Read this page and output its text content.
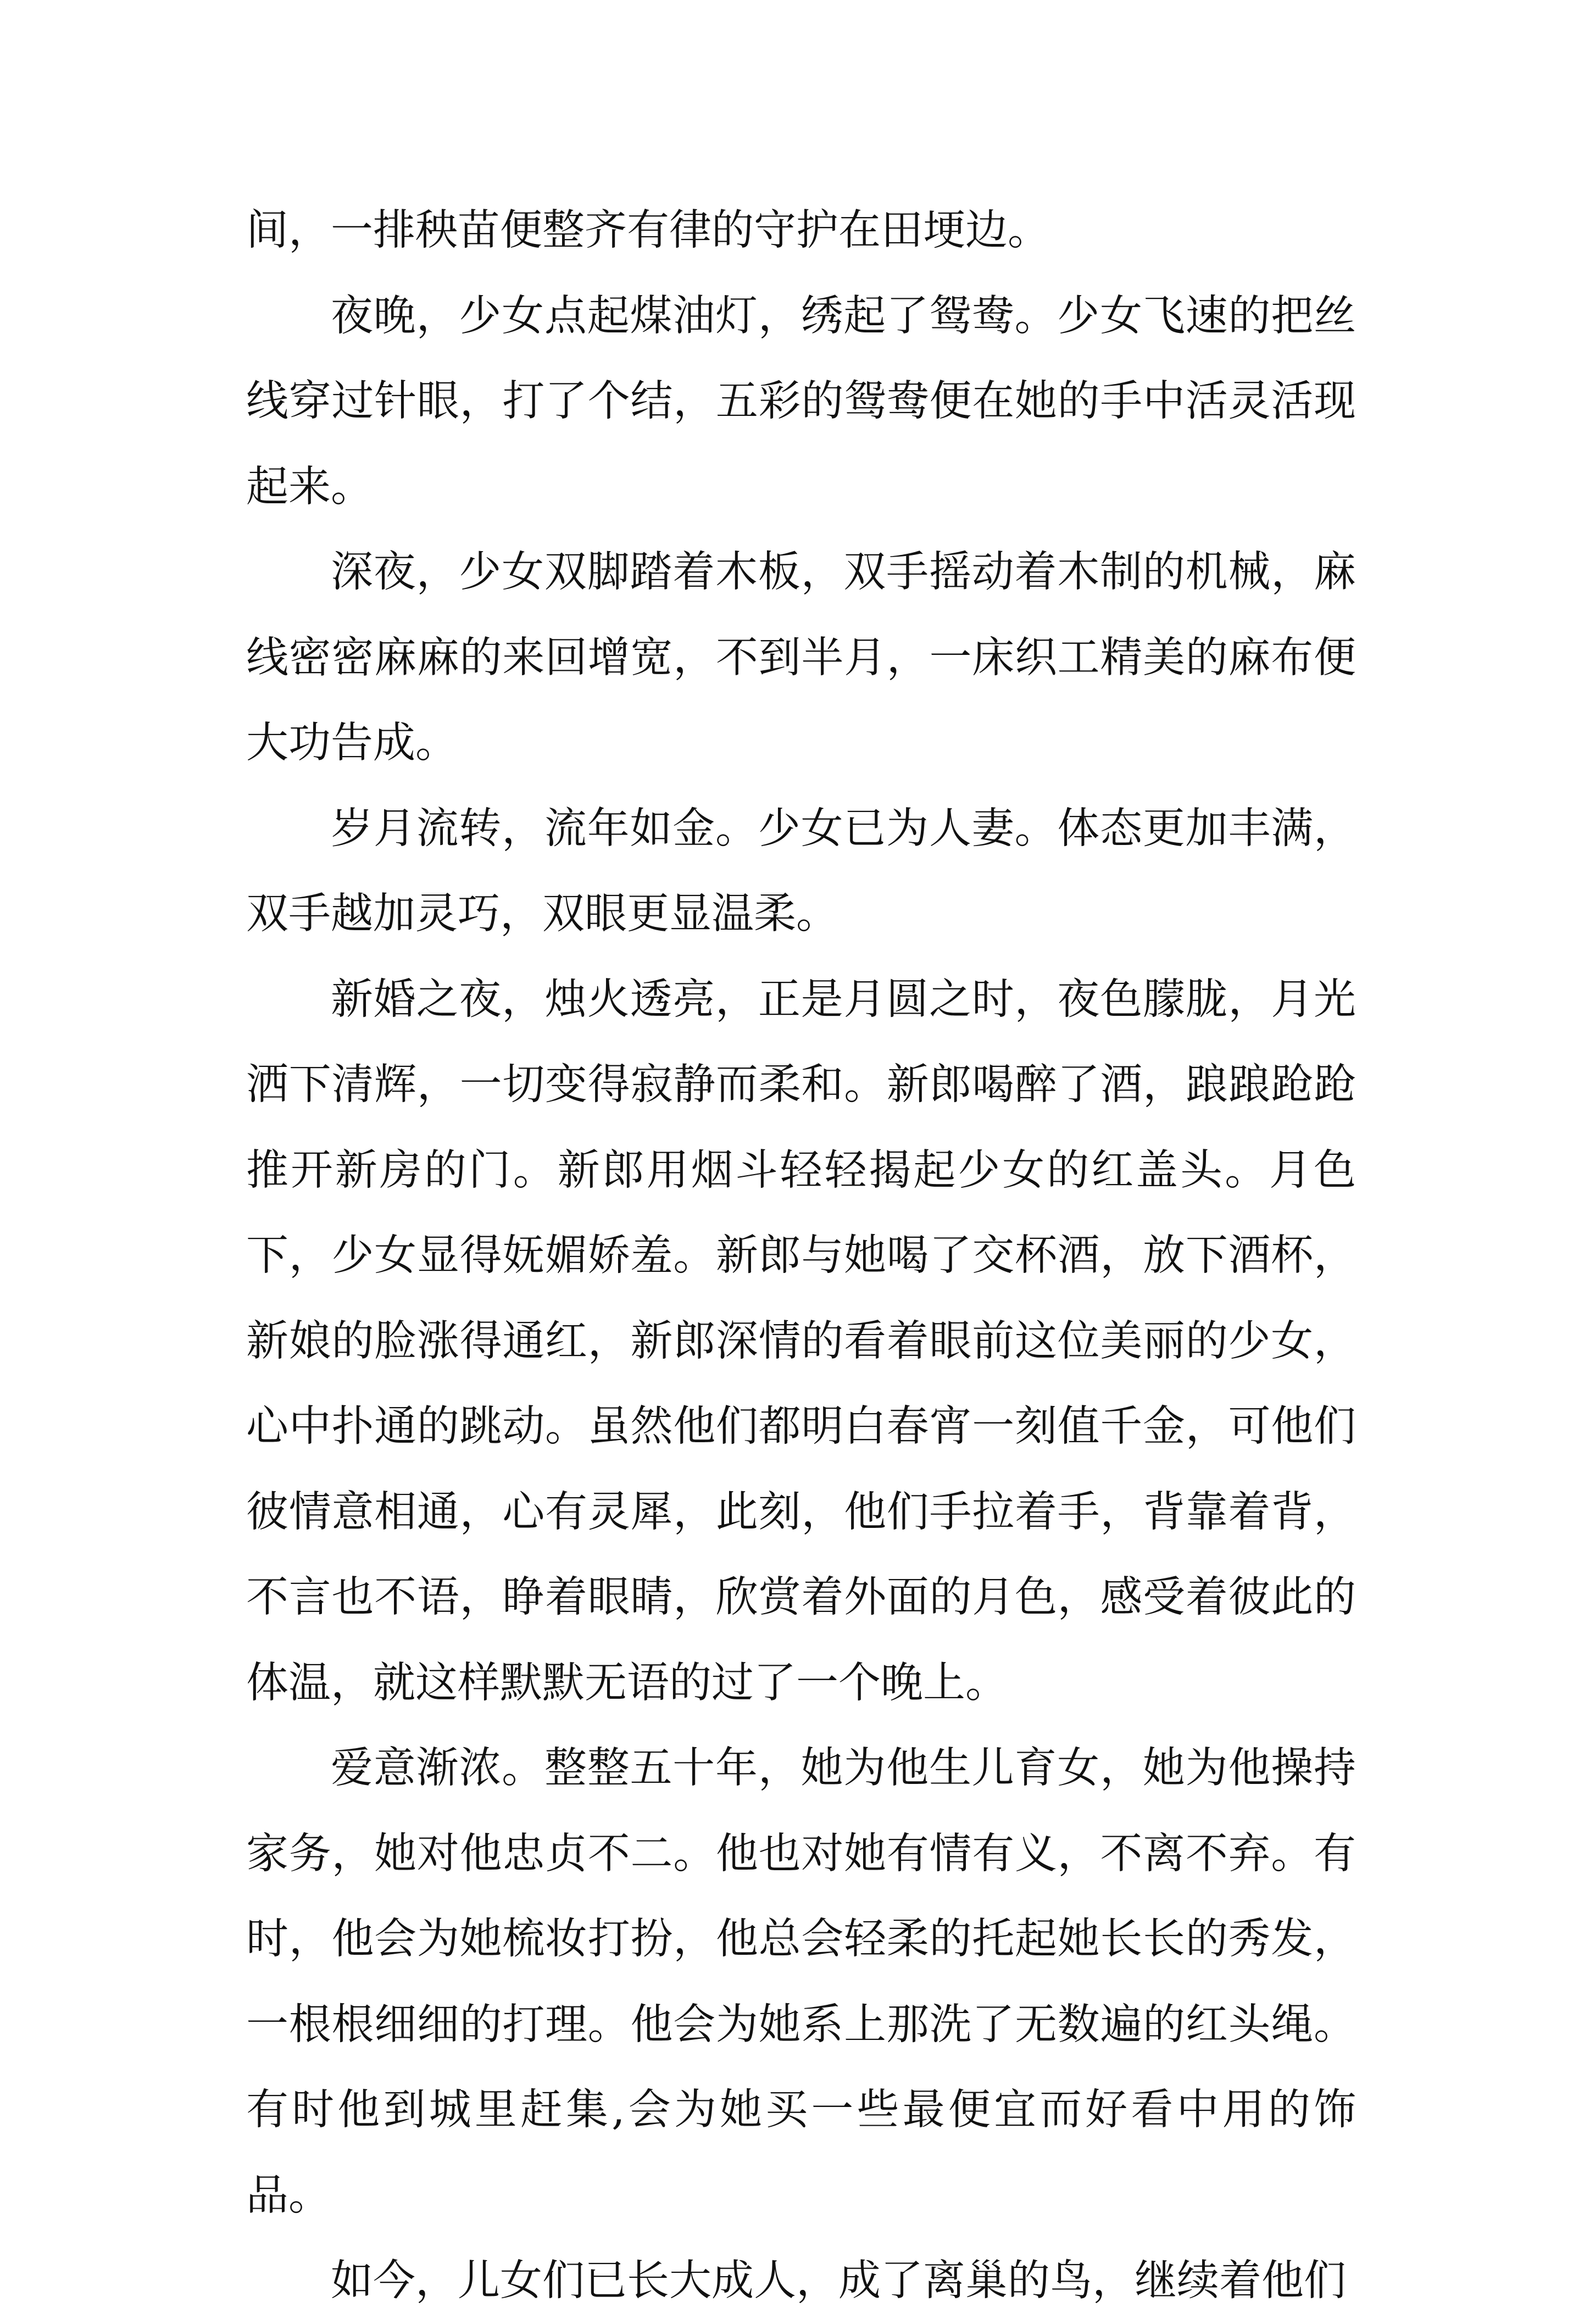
间，一排秧苗便整齐有律的守护在田埂边。

夜晚，少女点起煤油灯，绣起了鸳鸯。少女飞速的把丝线穿过针眼，打了个结，五彩的鸳鸯便在她的手中活灵活现起来。

深夜，少女双脚踏着木板，双手摇动着木制的机械，麻线密密麻麻的来回增宽，不到半月，一床织工精美的麻布便大功告成。

岁月流转，流年如金。少女已为人妻。体态更加丰满，双手越加灵巧，双眼更显温柔。

新婚之夜，烛火透亮，正是月圆之时，夜色朦胧，月光洒下清辉，一切变得寂静而柔和。新郎喝醉了酒，踉踉跄跄推开新房的门。新郎用烟斗轻轻揭起少女的红盖头。月色下，少女显得妩媚娇羞。新郎与她喝了交杯酒，放下酒杯，新娘的脸涨得通红，新郎深情的看着眼前这位美丽的少女，心中扑通的跳动。虽然他们都明白春宵一刻值千金，可他们彼情意相通，心有灵犀，此刻，他们手拉着手，背靠着背，不言也不语，睁着眼睛，欣赏着外面的月色，感受着彼此的体温，就这样默默无语的过了一个晚上。

爱意渐浓。整整五十年，她为他生儿育女，她为他操持家务，她对他忠贞不二。他也对她有情有义，不离不弃。有时，他会为她梳妆打扮，他总会轻柔的托起她长长的秀发，一根根细细的打理。他会为她系上那洗了无数遍的红头绳。有时他到城里赶集,会为她买一些最便宜而好看中用的饰品。

如今，儿女们已长大成人，成了离巢的鸟，继续着他们
